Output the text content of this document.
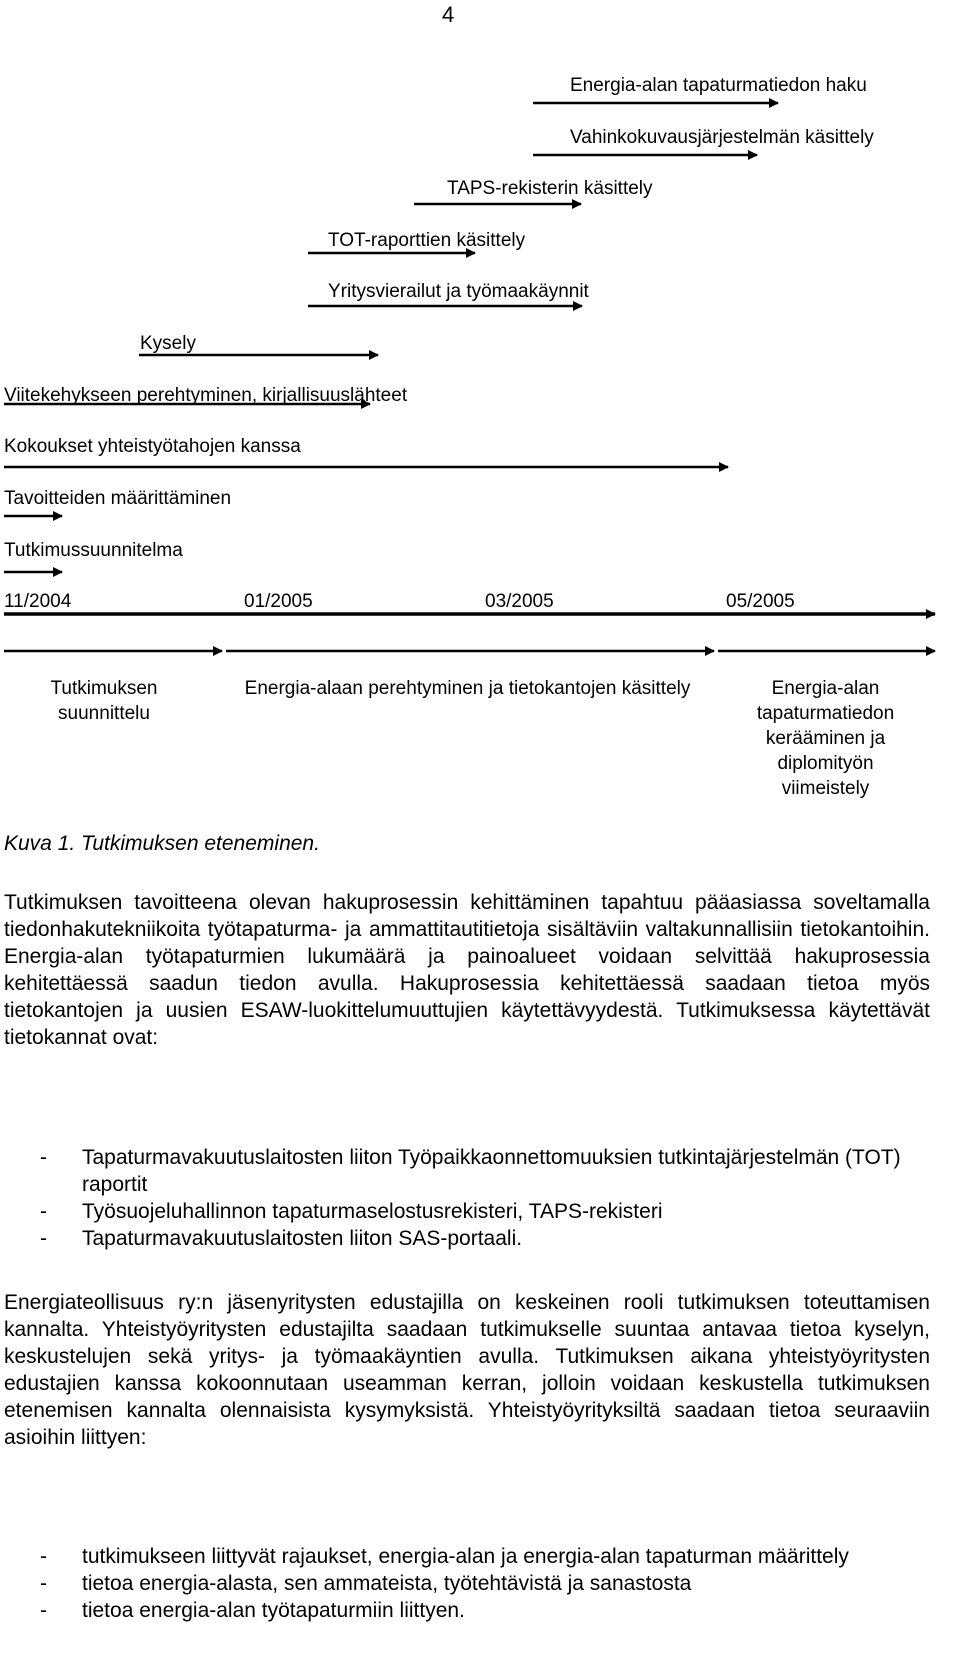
4
Energia-alan tapaturmatiedon haku
Vahinkokuvausjärjestelmän käsittely
TAPS-rekisterin käsittely
TOT-raporttien käsittely
Yritysvierailut ja työmaakäynnit
Kysely
Viitekehykseen perehtyminen, kirjallisuuslähteet
Kokoukset yhteistyötahojen kanssa
Tavoitteiden määrittäminen
Tutkimussuunnitelma
11/2004	01/2005	03/2005	05/2005
Tutkimuksen suunnittelu
Energia-alaan perehtyminen ja tietokantojen käsittely	Energia-alan tapaturmatiedon kerääminen ja diplomityön viimeistely
Kuva 1. Tutkimuksen eteneminen.
Tutkimuksen tavoitteena olevan hakuprosessin kehittäminen tapahtuu pääasiassa soveltamalla tiedonhakutekniikoita työtapaturma- ja ammattitautitietoja sisältäviin valtakunnallisiin tietokantoihin. Energia-alan työtapaturmien lukumäärä ja painoalueet voidaan selvittää hakuprosessia kehitettäessä saadun tiedon avulla. Hakuprosessia kehitettäessä saadaan tietoa myös tietokantojen ja uusien ESAW-luokittelumuuttujien käytettävyydestä. Tutkimuksessa käytettävät tietokannat ovat:
- Tapaturmavakuutuslaitosten liiton Työpaikkaonnettomuuksien tutkintajärjestelmän (TOT) raportit
- Työsuojeluhallinnon tapaturmaselostusrekisteri, TAPS-rekisteri
- Tapaturmavakuutuslaitosten liiton SAS-portaali.
Energiateollisuus ry:n jäsenyritysten edustajilla on keskeinen rooli tutkimuksen toteuttamisen kannalta. Yhteistyöyritysten edustajilta saadaan tutkimukselle suuntaa antavaa tietoa kyselyn, keskustelujen sekä yritys- ja työmaakäyntien avulla. Tutkimuksen aikana yhteistyöyritysten edustajien kanssa kokoonnutaan useamman kerran, jolloin voidaan keskustella tutkimuksen etenemisen kannalta olennaisista kysymyksistä. Yhteistyöyrityksiltä saadaan tietoa seuraaviin asioihin liittyen:
- tutkimukseen liittyvät rajaukset, energia-alan ja energia-alan tapaturman määrittely
- tietoa energia-alasta, sen ammateista, työtehtävistä ja sanastosta
- tietoa energia-alan työtapaturmiin liittyen.
